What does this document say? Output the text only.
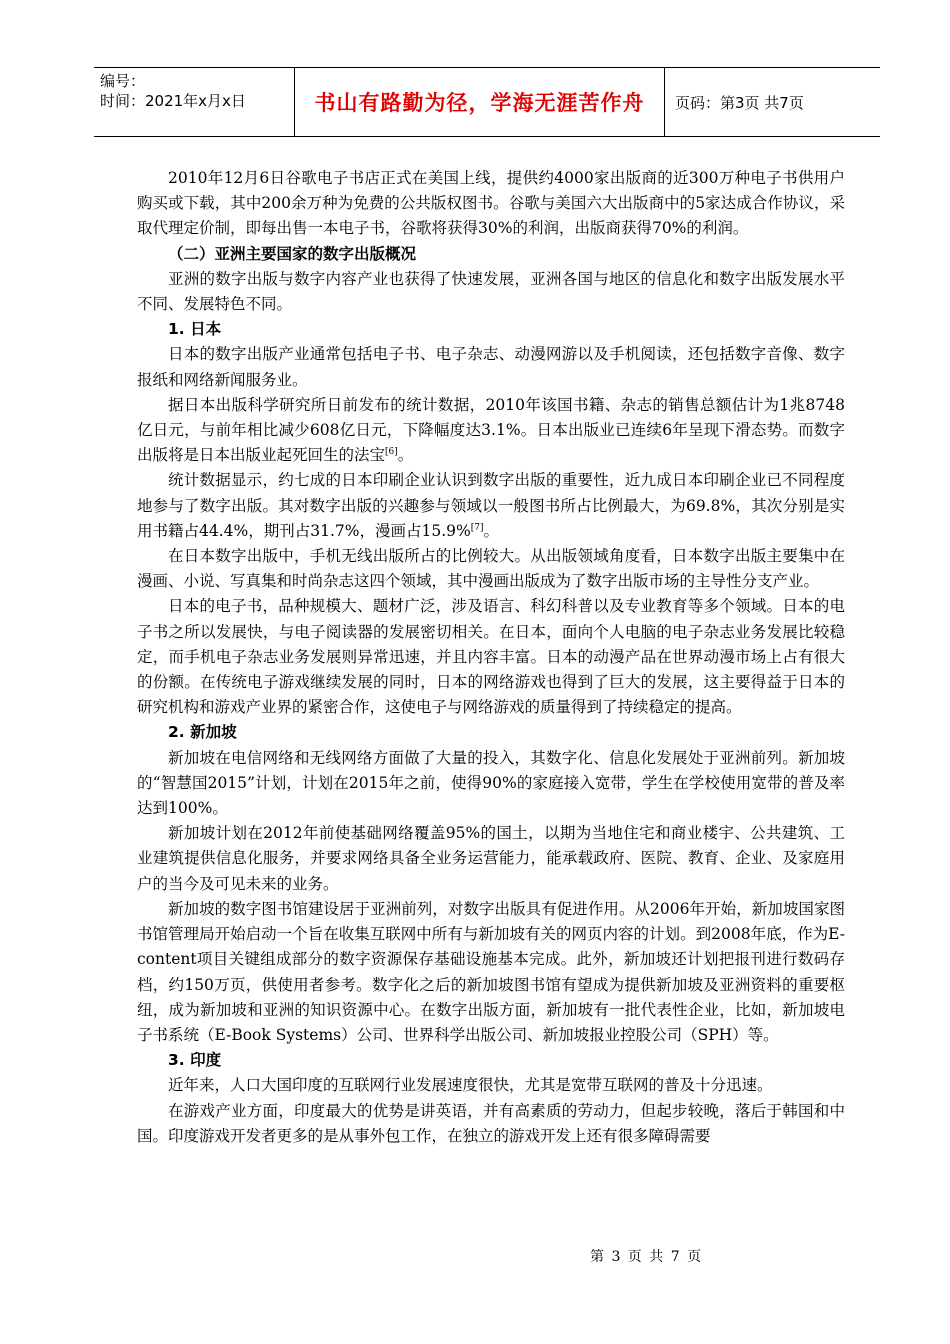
编号：
时间：2021年x月x日	书山有路勤为径，学海无涯苦作舟 页码：第3页 共7页

2010年12月6日谷歌电子书店正式在美国上线，提供约4000家出版商的近300万种电子书供用户购买或下载，其中200余万种为免费的公共版权图书。谷歌与美国六大出版商中的5家达成合作协议，采取代理定价制，即每出售一本电子书，谷歌将获得30%的利润，出版商获得70%的利润。

（二）亚洲主要国家的数字出版概况

亚洲的数字出版与数字内容产业也获得了快速发展，亚洲各国与地区的信息化和数字出版发展水平不同、发展特色不同。

1. 日本

日本的数字出版产业通常包括电子书、电子杂志、动漫网游以及手机阅读，还包括数字音像、数字报纸和网络新闻服务业。

据日本出版科学研究所日前发布的统计数据，2010年该国书籍、杂志的销售总额估计为1兆8748亿日元，与前年相比减少608亿日元，下降幅度达3.1%。日本出版业已连续6年呈现下滑态势。而数字出版将是日本出版业起死回生的法宝[6]。

统计数据显示，约七成的日本印刷企业认识到数字出版的重要性，近九成日本印刷企业已不同程度地参与了数字出版。其对数字出版的兴趣参与领域以一般图书所占比例最大，为69.8%，其次分别是实用书籍占44.4%，期刊占31.7%，漫画占15.9%[7]。

在日本数字出版中，手机无线出版所占的比例较大。从出版领域角度看，日本数字出版主要集中在漫画、小说、写真集和时尚杂志这四个领域，其中漫画出版成为了数字出版市场的主导性分支产业。

日本的电子书，品种规模大、题材广泛，涉及语言、科幻科普以及专业教育等多个领域。日本的电子书之所以发展快，与电子阅读器的发展密切相关。在日本，面向个人电脑的电子杂志业务发展比较稳定，而手机电子杂志业务发展则异常迅速，并且内容丰富。日本的动漫产品在世界动漫市场上占有很大的份额。在传统电子游戏继续发展的同时，日本的网络游戏也得到了巨大的发展，这主要得益于日本的研究机构和游戏产业界的紧密合作，这使电子与网络游戏的质量得到了持续稳定的提高。

2. 新加坡

新加坡在电信网络和无线网络方面做了大量的投入，其数字化、信息化发展处于亚洲前列。新加坡的“智慧国2015”计划，计划在2015年之前，使得90%的家庭接入宽带，学生在学校使用宽带的普及率达到100%。

新加坡计划在2012年前使基础网络覆盖95%的国土，以期为当地住宅和商业楼宇、公共建筑、工业建筑提供信息化服务，并要求网络具备全业务运营能力，能承载政府、医院、教育、企业、及家庭用户的当今及可见未来的业务。

新加坡的数字图书馆建设居于亚洲前列，对数字出版具有促进作用。从2006年开始，新加坡国家图书馆管理局开始启动一个旨在收集互联网中所有与新加坡有关的网页内容的计划。到2008年底，作为E-content项目关键组成部分的数字资源保存基础设施基本完成。此外，新加坡还计划把报刊进行数码存档，约150万页，供使用者参考。数字化之后的新加坡图书馆有望成为提供新加坡及亚洲资料的重要枢纽，成为新加坡和亚洲的知识资源中心。在数字出版方面，新加坡有一批代表性企业，比如，新加坡电子书系统（E-Book Systems）公司、世界科学出版公司、新加坡报业控股公司（SPH）等。

3. 印度

近年来，人口大国印度的互联网行业发展速度很快，尤其是宽带互联网的普及十分迅速。

在游戏产业方面，印度最大的优势是讲英语，并有高素质的劳动力，但起步较晚，落后于韩国和中国。印度游戏开发者更多的是从事外包工作，在独立的游戏开发上还有很多障碍需要

第 3 页 共 7 页
